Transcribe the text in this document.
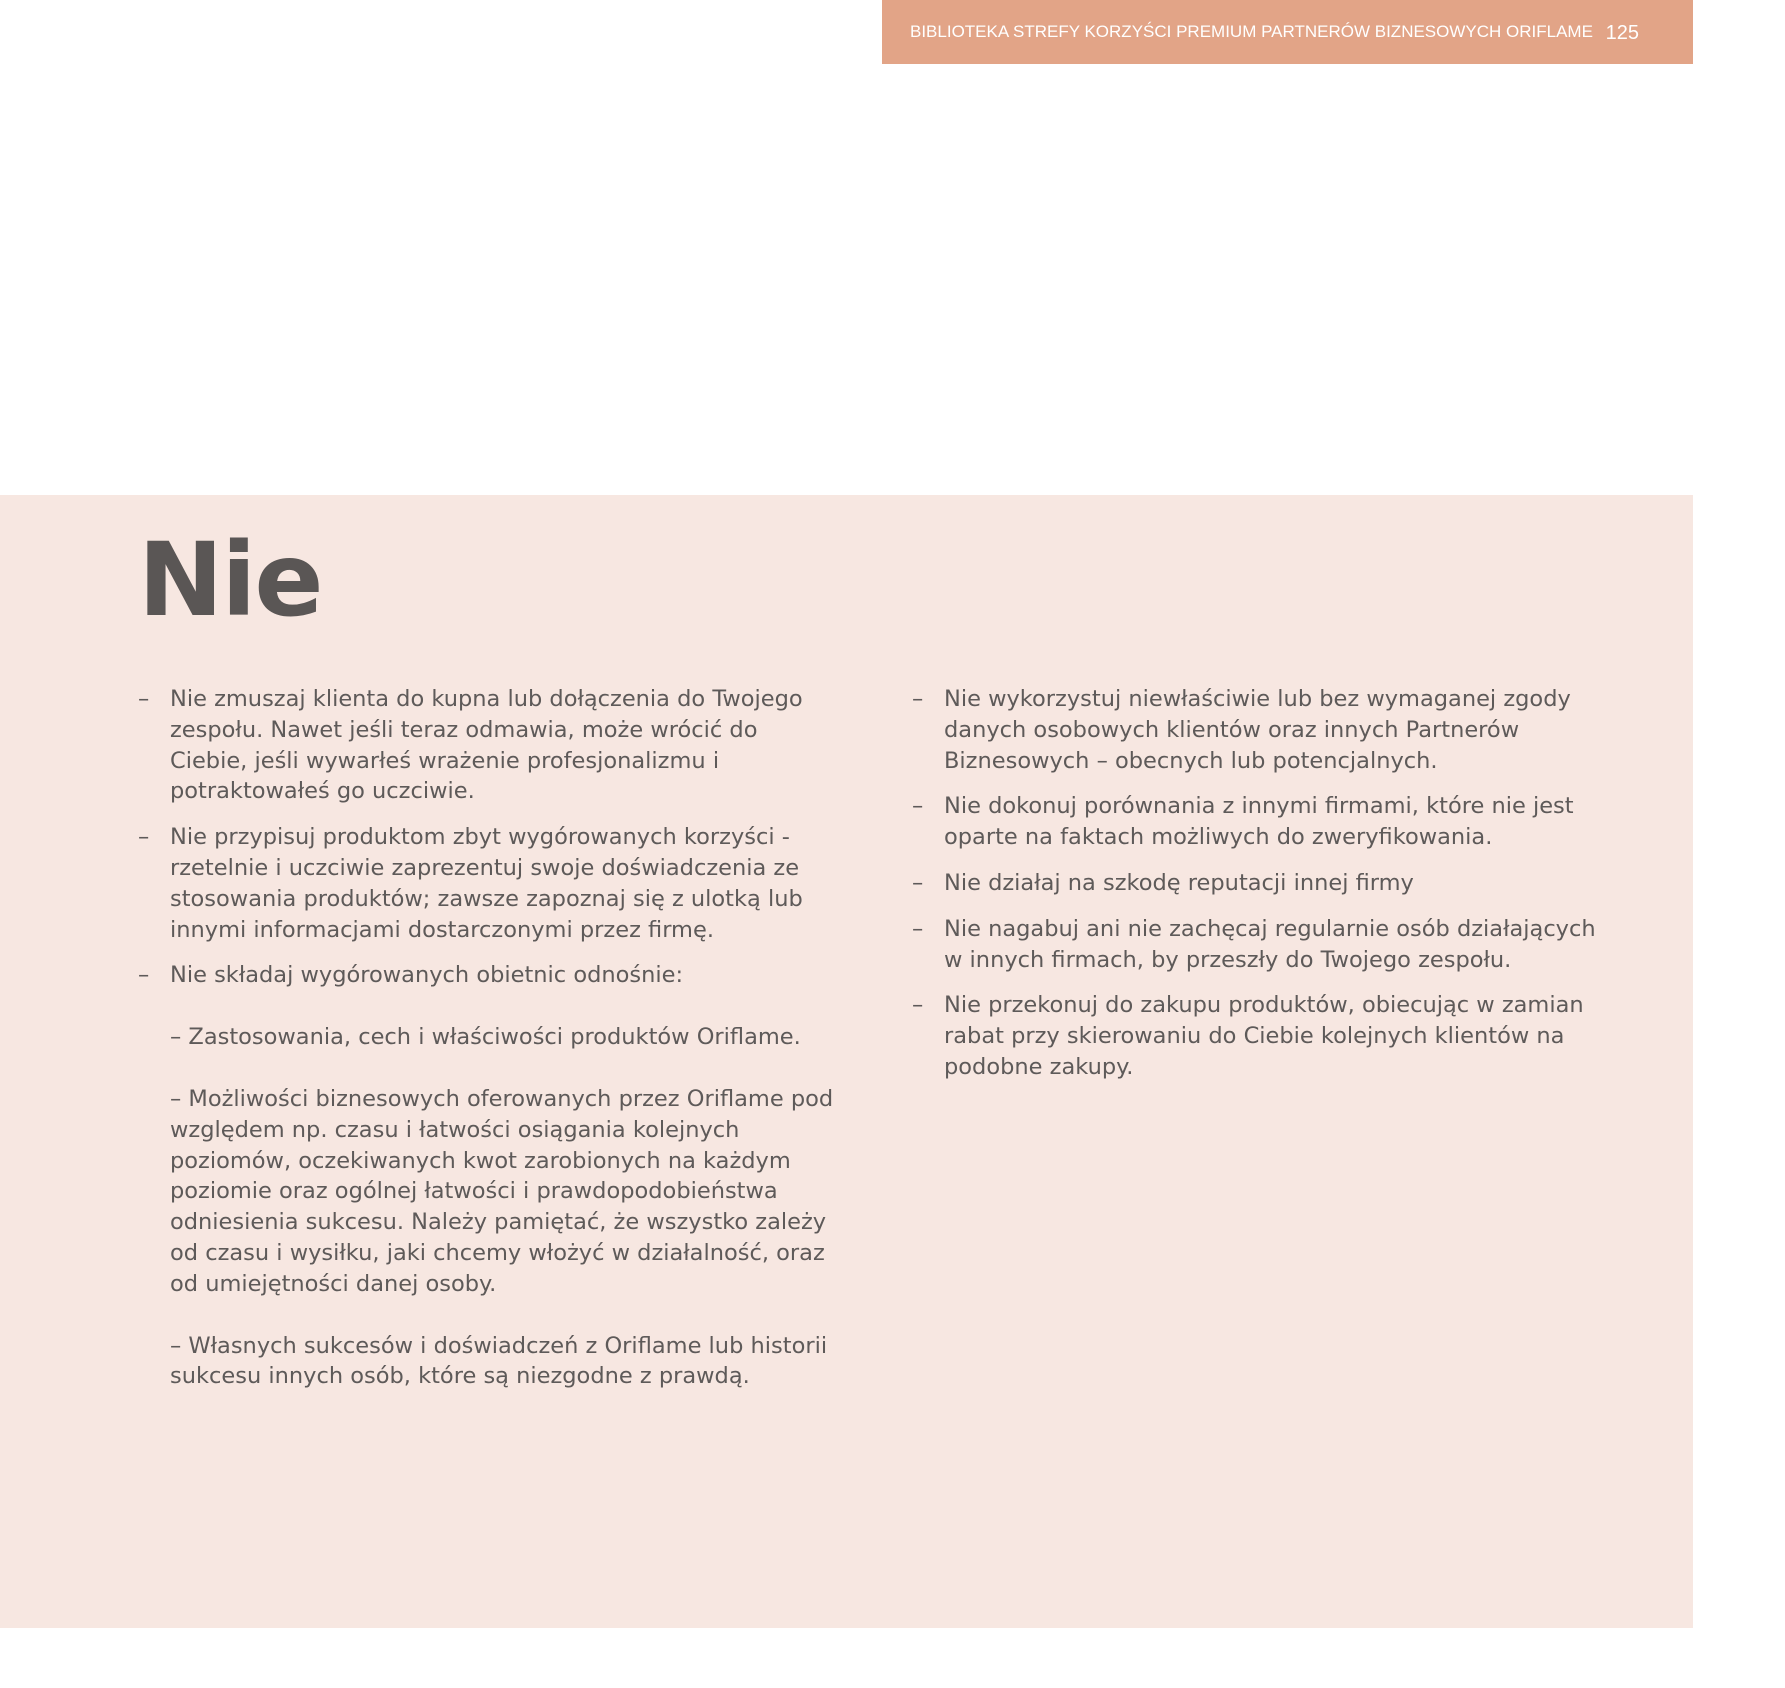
BIBLIOTEKA STREFY KORZYŚCI PREMIUM PARTNERÓW BIZNESOWYCH ORIFLAME 125
Nie
– Nie zmuszaj klienta do kupna lub dołączenia do Twojego zespołu. Nawet jeśli teraz odmawia, może wrócić do Ciebie, jeśli wywarłeś wrażenie profesjonalizmu i potraktowałeś go uczciwie.
– Nie przypisuj produktom zbyt wygórowanych korzyści - rzetelnie i uczciwie zaprezentuj swoje doświadczenia ze stosowania produktów; zawsze zapoznaj się z ulotką lub innymi informacjami dostarczonymi przez firmę.
– Nie składaj wygórowanych obietnic odnośnie:
– Zastosowania, cech i właściwości produktów Oriflame.
– Możliwości biznesowych oferowanych przez Oriflame pod względem np. czasu i łatwości osiągania kolejnych poziomów, oczekiwanych kwot zarobionych na każdym poziomie oraz ogólnej łatwości i prawdopodobieństwa odniesienia sukcesu. Należy pamiętać, że wszystko zależy od czasu i wysiłku, jaki chcemy włożyć w działalność, oraz od umiejętności danej osoby.
– Własnych sukcesów i doświadczeń z Oriflame lub historii sukcesu innych osób, które są niezgodne z prawdą.
– Nie wykorzystuj niewłaściwie lub bez wymaganej zgody danych osobowych klientów oraz innych Partnerów Biznesowych – obecnych lub potencjalnych.
– Nie dokonuj porównania z innymi firmami, które nie jest oparte na faktach możliwych do zweryfikowania.
– Nie działaj na szkodę reputacji innej firmy
– Nie nagabuj ani nie zachęcaj regularnie osób działających w innych firmach, by przeszły do Twojego zespołu.
– Nie przekonuj do zakupu produktów, obiecując w zamian rabat przy skierowaniu do Ciebie kolejnych klientów na podobne zakupy.
